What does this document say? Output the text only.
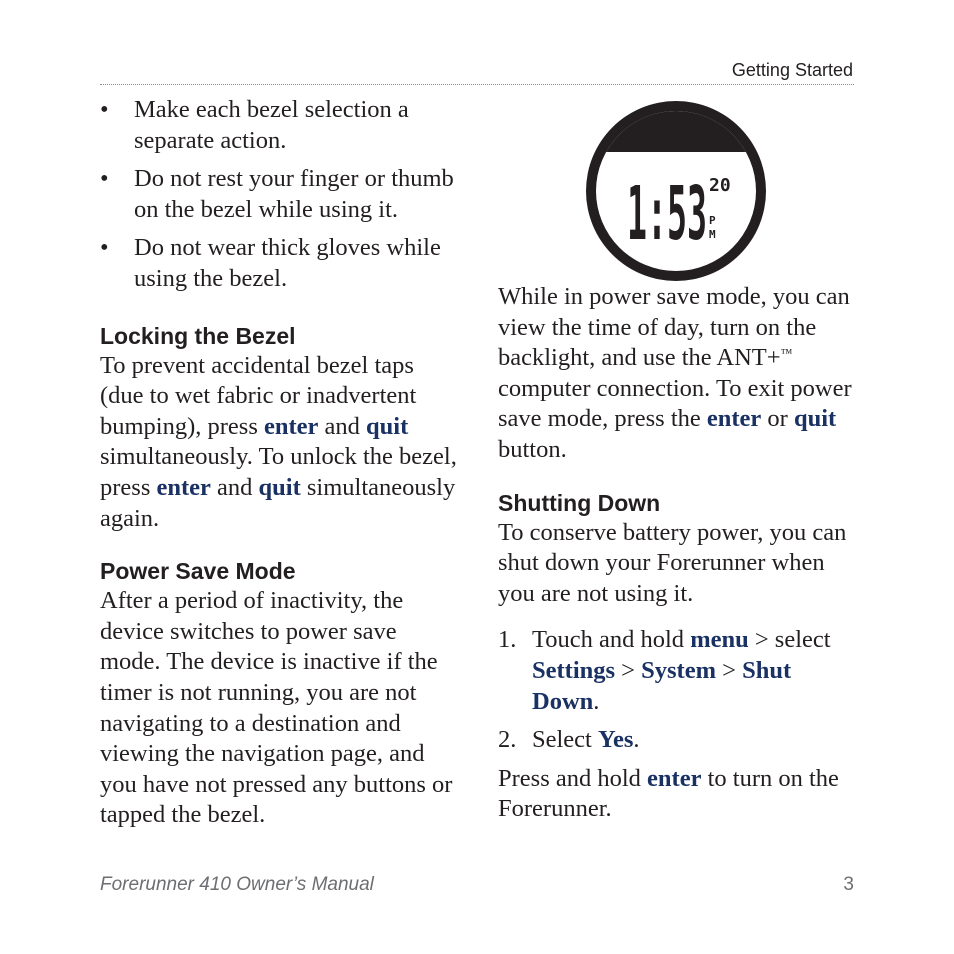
Getting Started
• Make each bezel selection a separate action.
• Do not rest your finger or thumb on the bezel while using it.
• Do not wear thick gloves while using the bezel.
Locking the Bezel

To prevent accidental bezel taps (due to wet fabric or inadvertent bumping), press enter and quit simultaneously. To unlock the bezel, press enter and quit simultaneously again.

Power Save Mode

After a period of inactivity, the device switches to power save mode. The device is inactive if the timer is not running, you are not navigating to a destination and viewing the navigation page, and you have not pressed any buttons or tapped the bezel.

1:53 20
P
M

While in power save mode, you can view the time of day, turn on the backlight, and use the ANT+™ computer connection. To exit power save mode, press the enter or quit button.

Shutting Down

To conserve battery power, you can shut down your Forerunner when you are not using it.

1. Touch and hold menu > select Settings > System > Shut Down.
2. Select Yes.

Press and hold enter to turn on the Forerunner.

Forerunner 410 Owner’s Manual	3
